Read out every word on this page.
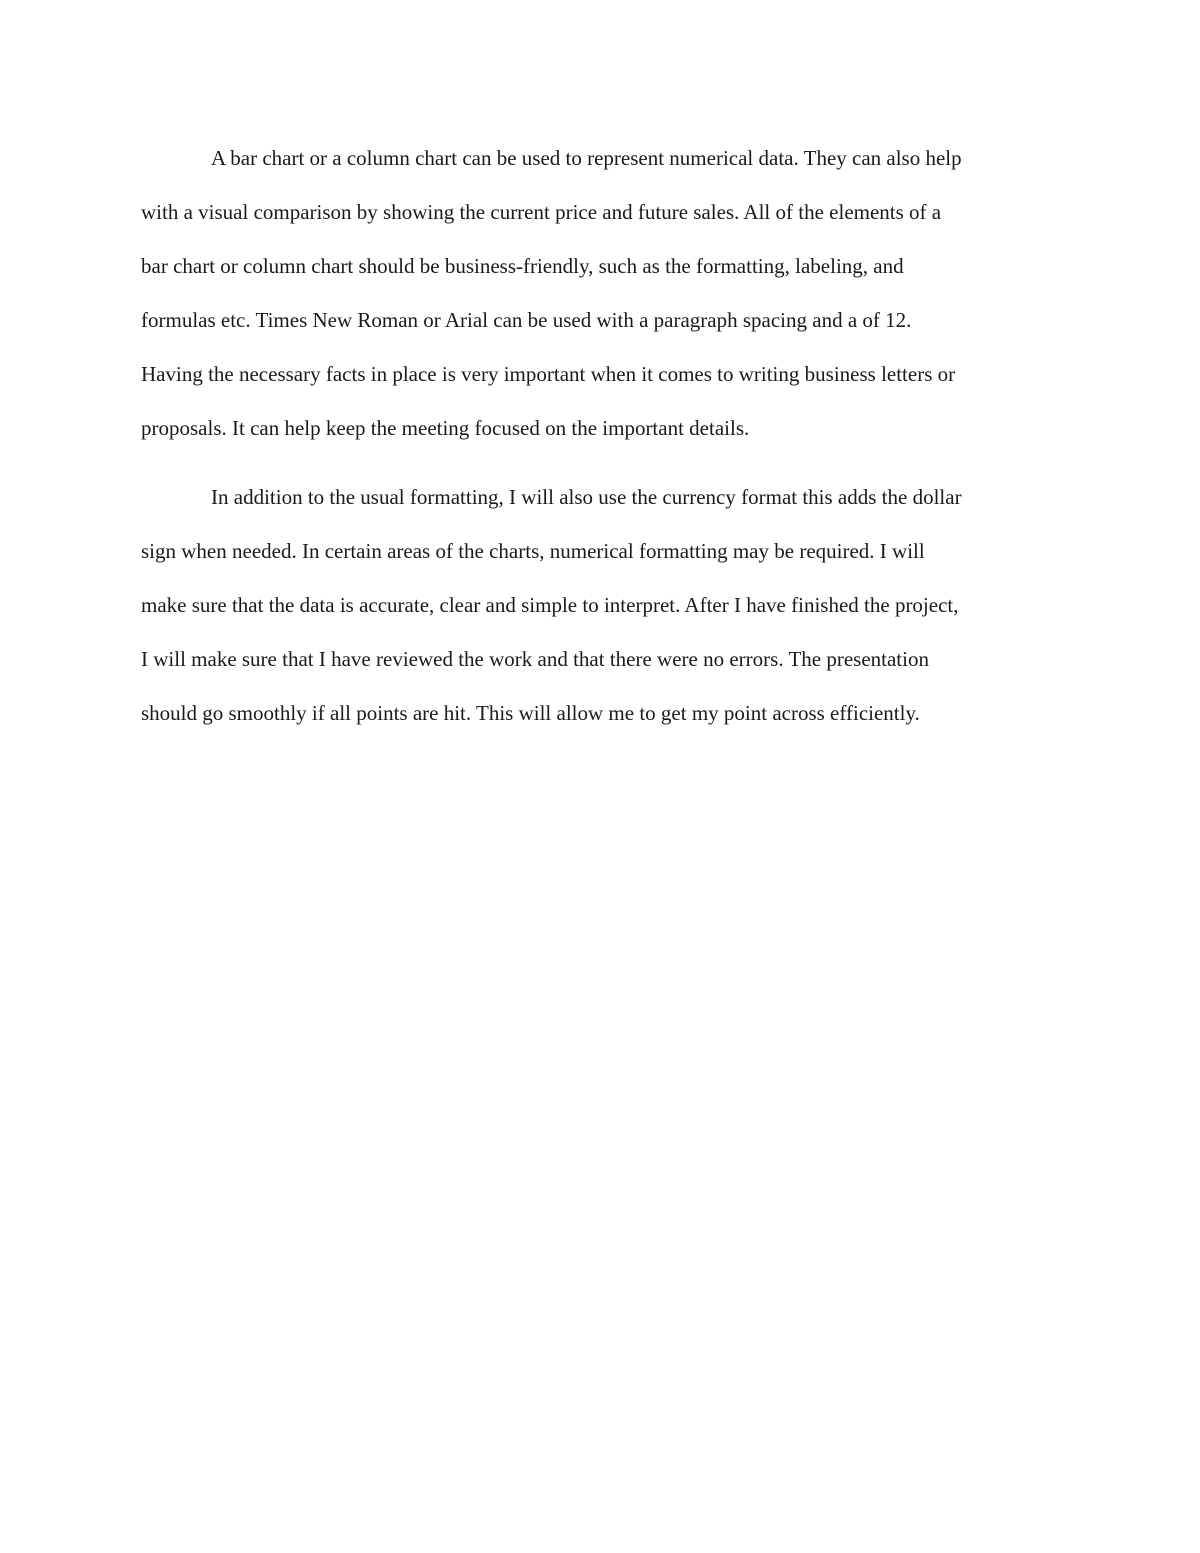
A bar chart or a column chart can be used to represent numerical data. They can also help
with a visual comparison by showing the current price and future sales. All of the elements of a
bar chart or column chart should be business-friendly, such as the formatting, labeling, and
formulas etc. Times New Roman or Arial can be used with a paragraph spacing and a of 12.
Having the necessary facts in place is very important when it comes to writing business letters or
proposals. It can help keep the meeting focused on the important details.
In addition to the usual formatting, I will also use the currency format this adds the dollar
sign when needed. In certain areas of the charts, numerical formatting may be required. I will
make sure that the data is accurate, clear and simple to interpret. After I have finished the project,
I will make sure that I have reviewed the work and that there were no errors. The presentation
should go smoothly if all points are hit. This will allow me to get my point across efficiently.
